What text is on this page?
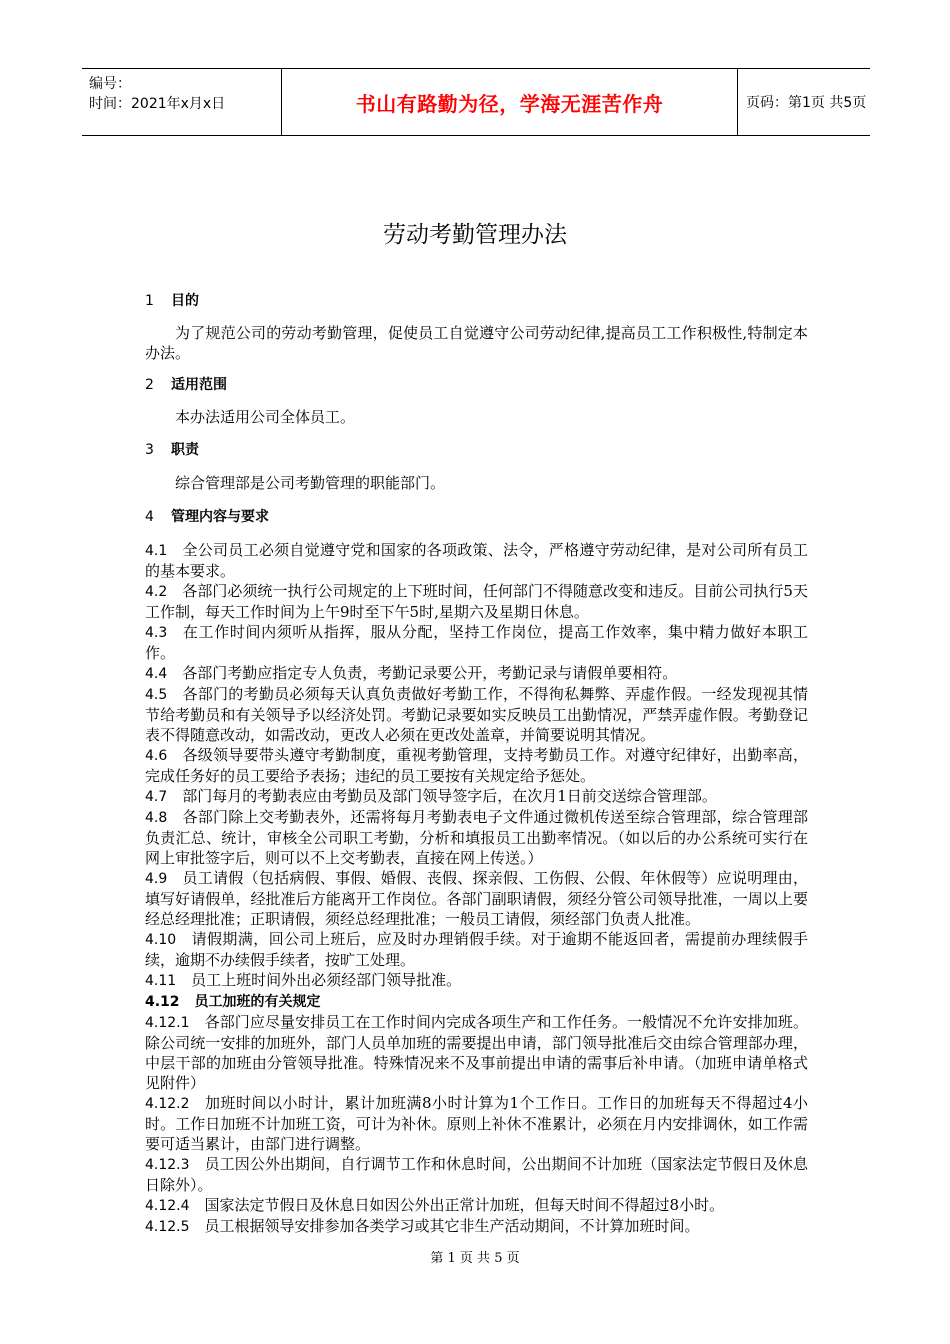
编号：
时间：2021年x月x日	书山有路勤为径，学海无涯苦作舟	页码：第1页 共5页
劳动考勤管理办法
1 目的
为了规范公司的劳动考勤管理，促使员工自觉遵守公司劳动纪律,提高员工工作积极性,特制定本办法。
2 适用范围
本办法适用公司全体员工。
3 职责
综合管理部是公司考勤管理的职能部门。
4 管理内容与要求
4.1  全公司员工必须自觉遵守党和国家的各项政策、法令，严格遵守劳动纪律，是对公司所有员工的基本要求。
4.2  各部门必须统一执行公司规定的上下班时间，任何部门不得随意改变和违反。目前公司执行5天工作制，每天工作时间为上午9时至下午5时,星期六及星期日休息。
4.3  在工作时间内须听从指挥，服从分配，坚持工作岗位，提高工作效率，集中精力做好本职工作。
4.4  各部门考勤应指定专人负责，考勤记录要公开，考勤记录与请假单要相符。
4.5  各部门的考勤员必须每天认真负责做好考勤工作，不得徇私舞弊、弄虚作假。一经发现视其情节给考勤员和有关领导予以经济处罚。考勤记录要如实反映员工出勤情况，严禁弄虚作假。考勤登记表不得随意改动，如需改动，更改人必须在更改处盖章，并简要说明其情况。
4.6  各级领导要带头遵守考勤制度，重视考勤管理，支持考勤员工作。对遵守纪律好，出勤率高，完成任务好的员工要给予表扬；违纪的员工要按有关规定给予惩处。
4.7  部门每月的考勤表应由考勤员及部门领导签字后，在次月1日前交送综合管理部。
4.8  各部门除上交考勤表外，还需将每月考勤表电子文件通过微机传送至综合管理部，综合管理部负责汇总、统计，审核全公司职工考勤，分析和填报员工出勤率情况。（如以后的办公系统可实行在网上审批签字后，则可以不上交考勤表，直接在网上传送。）
4.9  员工请假（包括病假、事假、婚假、丧假、探亲假、工伤假、公假、年休假等）应说明理由，填写好请假单，经批准后方能离开工作岗位。各部门副职请假，须经分管公司领导批准，一周以上要经总经理批准；正职请假，须经总经理批准；一般员工请假，须经部门负责人批准。
4.10  请假期满，回公司上班后，应及时办理销假手续。对于逾期不能返回者，需提前办理续假手续，逾期不办续假手续者，按旷工处理。
4.11  员工上班时间外出必须经部门领导批准。
4.12  员工加班的有关规定
4.12.1  各部门应尽量安排员工在工作时间内完成各项生产和工作任务。一般情况不允许安排加班。除公司统一安排的加班外，部门人员单加班的需要提出申请，部门领导批准后交由综合管理部办理，中层干部的加班由分管领导批准。特殊情况来不及事前提出申请的需事后补申请。（加班申请单格式见附件）
4.12.2  加班时间以小时计，累计加班满8小时计算为1个工作日。工作日的加班每天不得超过4小时。工作日加班不计加班工资，可计为补休。原则上补休不准累计，必须在月内安排调休，如工作需要可适当累计，由部门进行调整。
4.12.3  员工因公外出期间，自行调节工作和休息时间，公出期间不计加班（国家法定节假日及休息日除外）。
4.12.4  国家法定节假日及休息日如因公外出正常计加班，但每天时间不得超过8小时。
4.12.5  员工根据领导安排参加各类学习或其它非生产活动期间，不计算加班时间。
第 1 页 共 5 页
